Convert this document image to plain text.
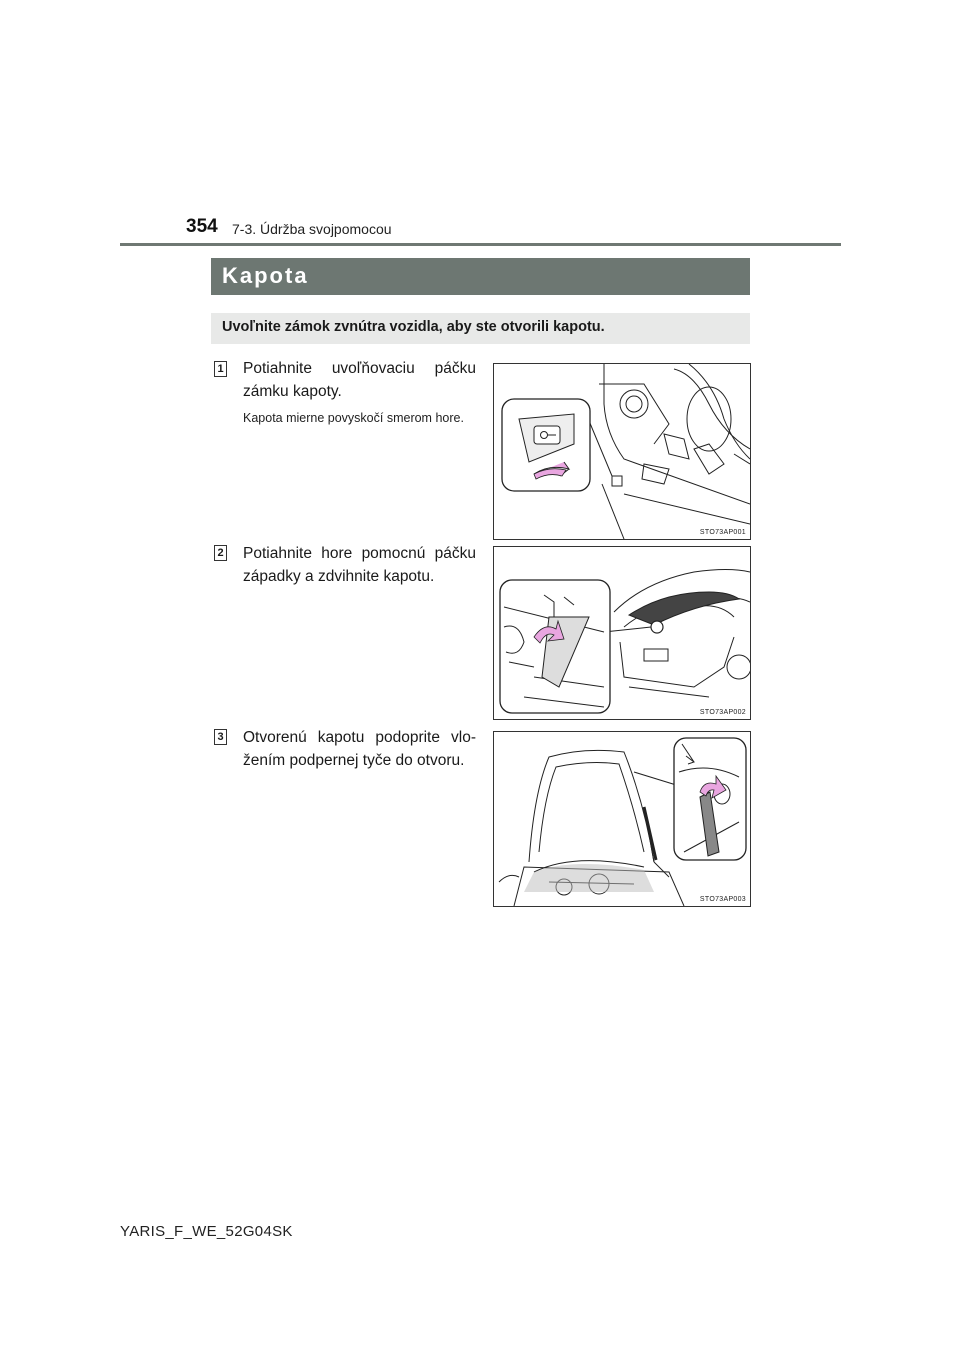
354 7-3. Údržba svojpomocou
Kapota
Uvoľnite zámok zvnútra vozidla, aby ste otvorili kapotu.
1 Potiahnite uvoľňovaciu páčku zámku kapoty.
Kapota mierne povyskočí smerom hore.
STO73AP001
2 Potiahnite hore pomocnú páčku západky a zdvihnite kapotu.
STO73AP002
3 Otvorenú kapotu podoprite vlo-žením podpernej tyče do otvoru.
STO73AP003
YARIS_F_WE_52G04SK
